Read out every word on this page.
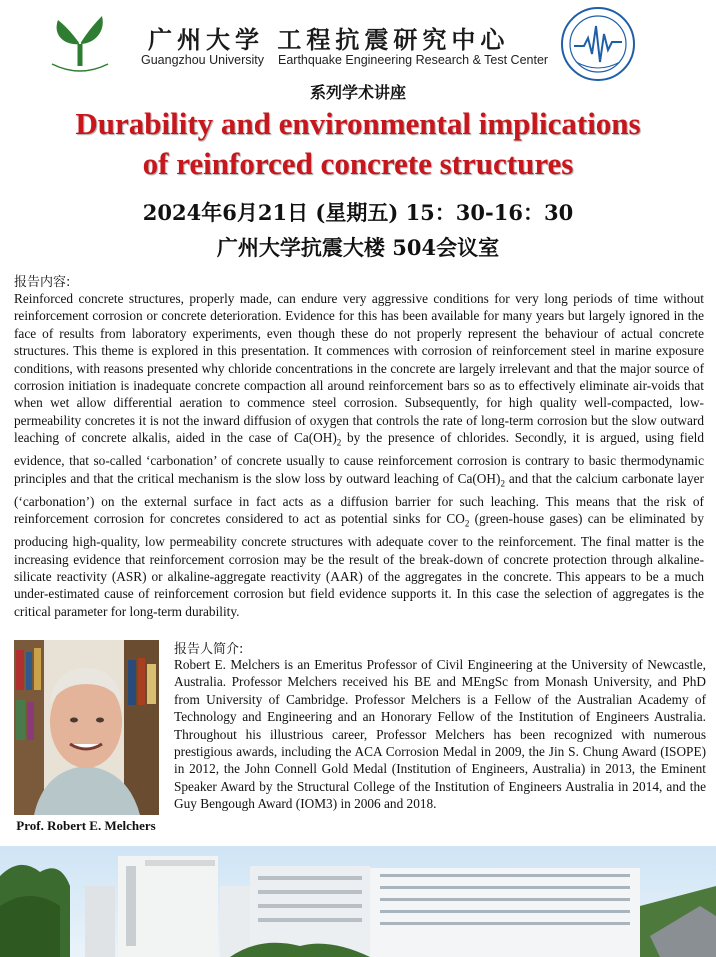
广州大学 工程抗震研究中心
Guangzhou University Earthquake Engineering Research & Test Center
系列学术讲座
Durability and environmental implications
of reinforced concrete structures
2024年6月21日 (星期五) 15：30-16：30
广州大学抗震大楼 504会议室
报告内容:
Reinforced concrete structures, properly made, can endure very aggressive conditions for very long periods of time without reinforcement corrosion or concrete deterioration. Evidence for this has been available for many years but largely ignored in the face of results from laboratory experiments, even though these do not properly represent the behaviour of actual concrete structures. This theme is explored in this presentation. It commences with corrosion of reinforcement steel in marine exposure conditions, with reasons presented why chloride concentrations in the concrete are largely irrelevant and that the major source of corrosion initiation is inadequate concrete compaction all around reinforcement bars so as to effectively eliminate air-voids that when wet allow differential aeration to commence steel corrosion. Subsequently, for high quality well-compacted, low-permeability concretes it is not the inward diffusion of oxygen that controls the rate of long-term corrosion but the slow outward leaching of concrete alkalis, aided in the case of $Ca(OH)_2$ by the presence of chlorides. Secondly, it is argued, using field evidence, that so-called ‘carbonation’ of concrete usually to cause reinforcement corrosion is contrary to basic thermodynamic principles and that the critical mechanism is the slow loss by outward leaching of $Ca(OH)_2$ and that the calcium carbonate layer (‘carbonation’) on the external surface in fact acts as a diffusion barrier for such leaching. This means that the risk of reinforcement corrosion for concretes considered to act as potential sinks for $CO_2$ (green-house gases) can be eliminated by producing high-quality, low permeability concrete structures with adequate cover to the reinforcement. The final matter is the increasing evidence that reinforcement corrosion may be the result of the break-down of concrete protection through alkaline-silicate reactivity (ASR) or alkaline-aggregate reactivity (AAR) of the aggregates in the concrete. This appears to be a much under-estimated cause of reinforcement corrosion but field evidence supports it. In this case the selection of aggregates is the critical parameter for long-term durability.
Prof. Robert E. Melchers
报告人简介:
Robert E. Melchers is an Emeritus Professor of Civil Engineering at the University of Newcastle, Australia. Professor Melchers received his BE and MEngSc from Monash University, and PhD from University of Cambridge. Professor Melchers is a Fellow of the Australian Academy of Technology and Engineering and an Honorary Fellow of the Institution of Engineers Australia. Throughout his illustrious career, Professor Melchers has been recognized with numerous prestigious awards, including the ACA Corrosion Medal in 2009, the Jin S. Chung Award (ISOPE) in 2012, the John Connell Gold Medal (Institution of Engineers, Australia) in 2013, the Eminent Speaker Award by the Structural College of the Institution of Engineers Australia in 2014, and the Guy Bengough Award (IOM3) in 2006 and 2018.
